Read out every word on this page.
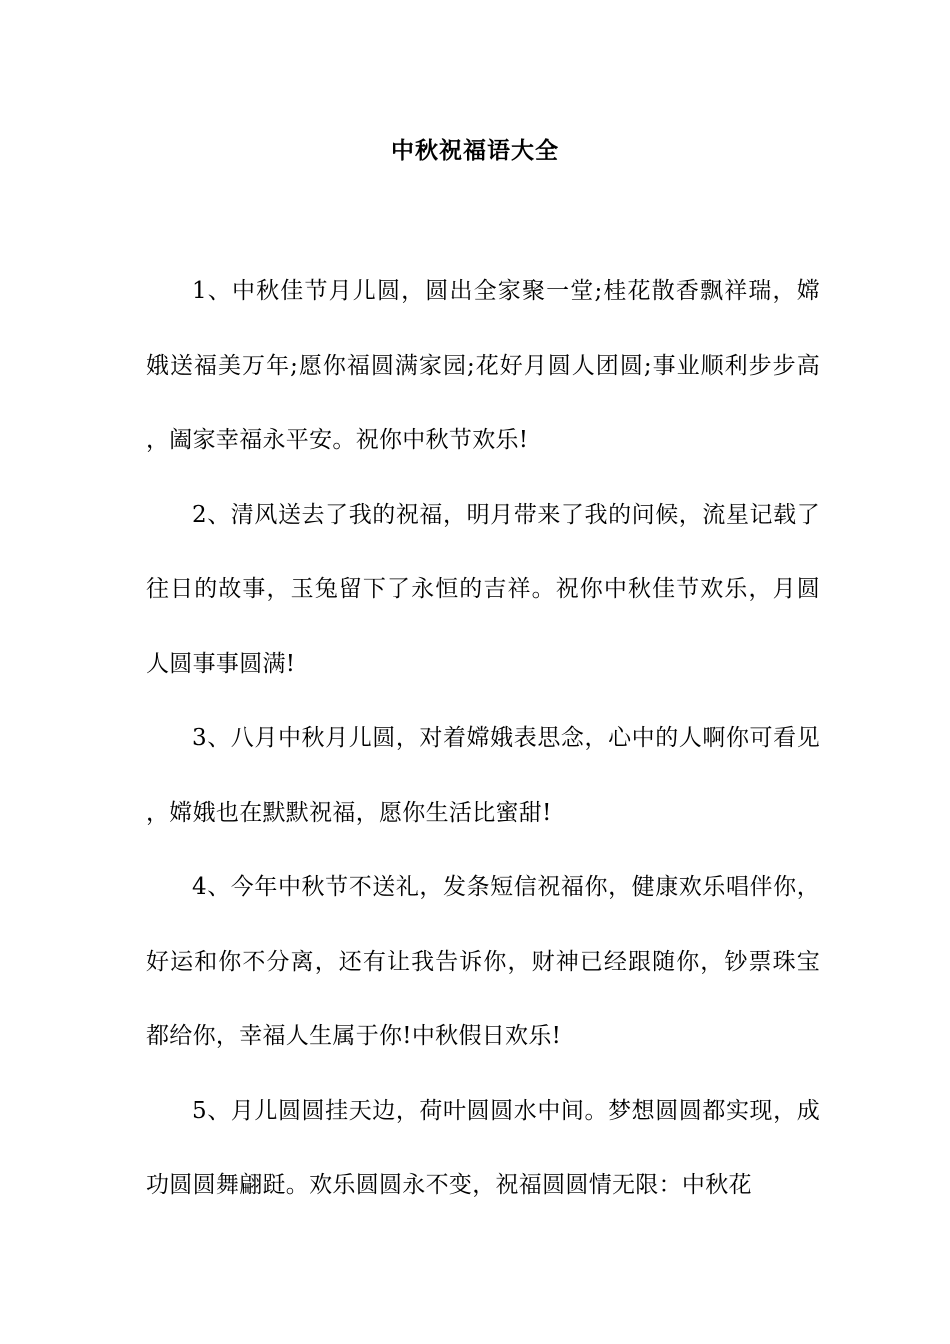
中秋祝福语大全

1、中秋佳节月儿圆，圆出全家聚一堂;桂花散香飘祥瑞，嫦娥送福美万年;愿你福圆满家园;花好月圆人团圆;事业顺利步步高，阖家幸福永平安。祝你中秋节欢乐!

2、清风送去了我的祝福，明月带来了我的问候，流星记载了往日的故事，玉兔留下了永恒的吉祥。祝你中秋佳节欢乐，月圆人圆事事圆满!

3、八月中秋月儿圆，对着嫦娥表思念，心中的人啊你可看见，嫦娥也在默默祝福，愿你生活比蜜甜!

4、今年中秋节不送礼，发条短信祝福你，健康欢乐唱伴你，好运和你不分离，还有让我告诉你，财神已经跟随你，钞票珠宝都给你，幸福人生属于你!中秋假日欢乐!

5、月儿圆圆挂天边，荷叶圆圆水中间。梦想圆圆都实现，成功圆圆舞翩跹。欢乐圆圆永不变，祝福圆圆情无限：中秋花
